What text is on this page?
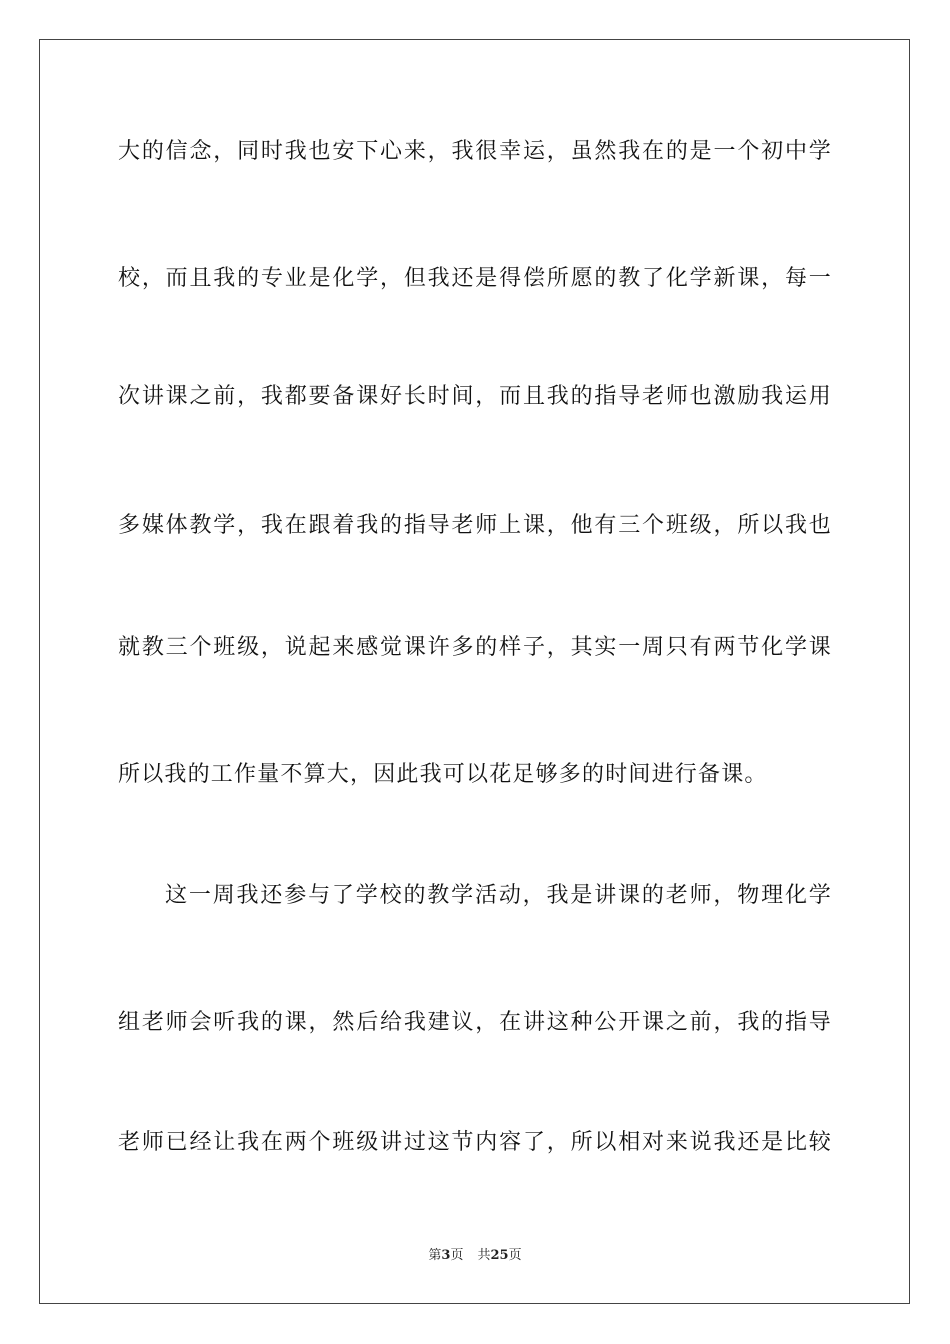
大的信念，同时我也安下心来，我很幸运，虽然我在的是一个初中学
校，而且我的专业是化学，但我还是得偿所愿的教了化学新课，每一
次讲课之前，我都要备课好长时间，而且我的指导老师也激励我运用
多媒体教学，我在跟着我的指导老师上课，他有三个班级，所以我也
就教三个班级，说起来感觉课许多的样子，其实一周只有两节化学课
所以我的工作量不算大，因此我可以花足够多的时间进行备课。
这一周我还参与了学校的教学活动，我是讲课的老师，物理化学
组老师会听我的课，然后给我建议，在讲这种公开课之前，我的指导
老师已经让我在两个班级讲过这节内容了，所以相对来说我还是比较
第3页 共25页
